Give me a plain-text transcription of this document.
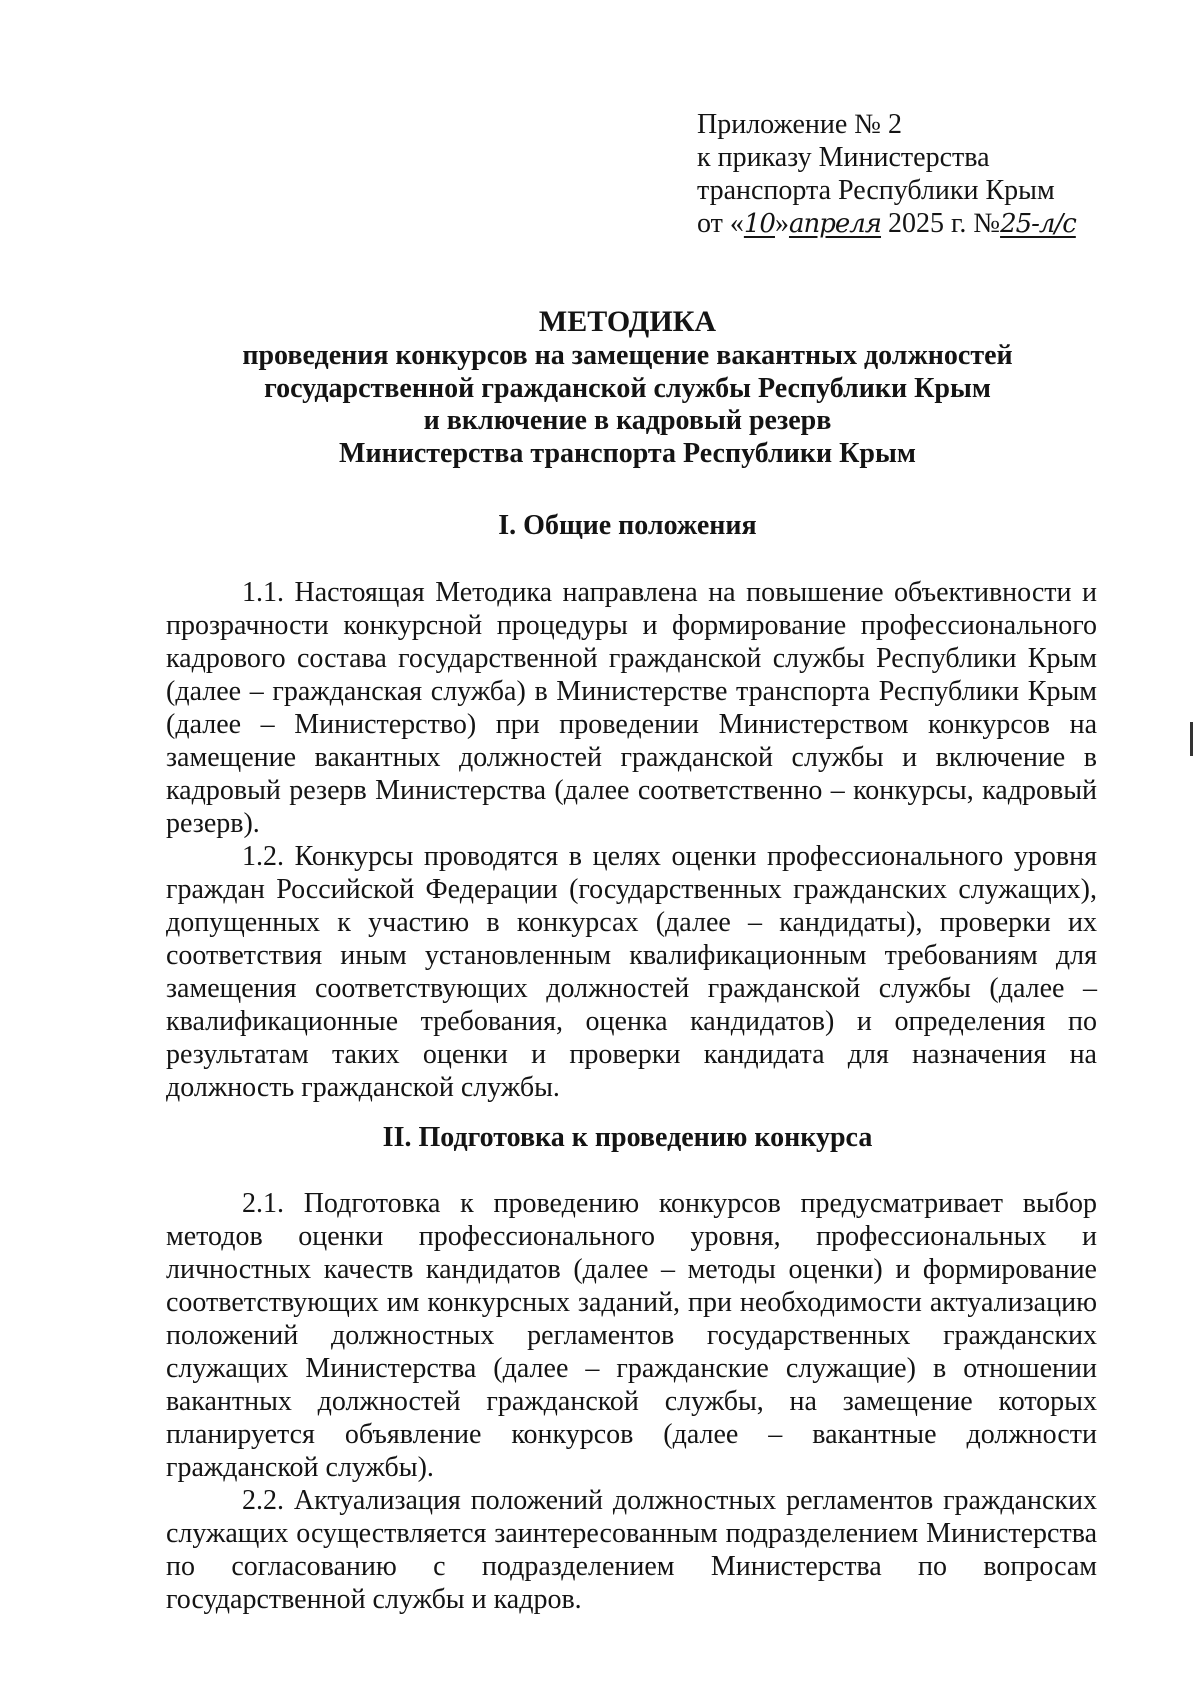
Приложение № 2
к приказу Министерства
транспорта Республики Крым
от «10»апреля 2025 г. №25-л/с

МЕТОДИКА

проведения конкурсов на замещение вакантных должностей

государственной гражданской службы Республики Крым

и включение в кадровый резерв

Министерства транспорта Республики Крым

I. Общие положения

1.1. Настоящая Методика направлена на повышение объективности и прозрачности конкурсной процедуры и формирование профессионального кадрового состава государственной гражданской службы Республики Крым (далее – гражданская служба) в Министерстве транспорта Республики Крым (далее – Министерство) при проведении Министерством конкурсов на замещение вакантных должностей гражданской службы и включение в кадровый резерв Министерства (далее соответственно – конкурсы, кадровый резерв).

1.2. Конкурсы проводятся в целях оценки профессионального уровня граждан Российской Федерации (государственных гражданских служащих), допущенных к участию в конкурсах (далее – кандидаты), проверки их соответствия иным установленным квалификационным требованиям для замещения соответствующих должностей гражданской службы (далее – квалификационные требования, оценка кандидатов) и определения по результатам таких оценки и проверки кандидата для назначения на должность гражданской службы.

II. Подготовка к проведению конкурса

2.1. Подготовка к проведению конкурсов предусматривает выбор методов оценки профессионального уровня, профессиональных и личностных качеств кандидатов (далее – методы оценки) и формирование соответствующих им конкурсных заданий, при необходимости актуализацию положений должностных регламентов государственных гражданских служащих Министерства (далее – гражданские служащие) в отношении вакантных должностей гражданской службы, на замещение которых планируется объявление конкурсов (далее – вакантные должности гражданской службы).

2.2. Актуализация положений должностных регламентов гражданских служащих осуществляется заинтересованным подразделением Министерства по согласованию с подразделением Министерства по вопросам государственной службы и кадров.
